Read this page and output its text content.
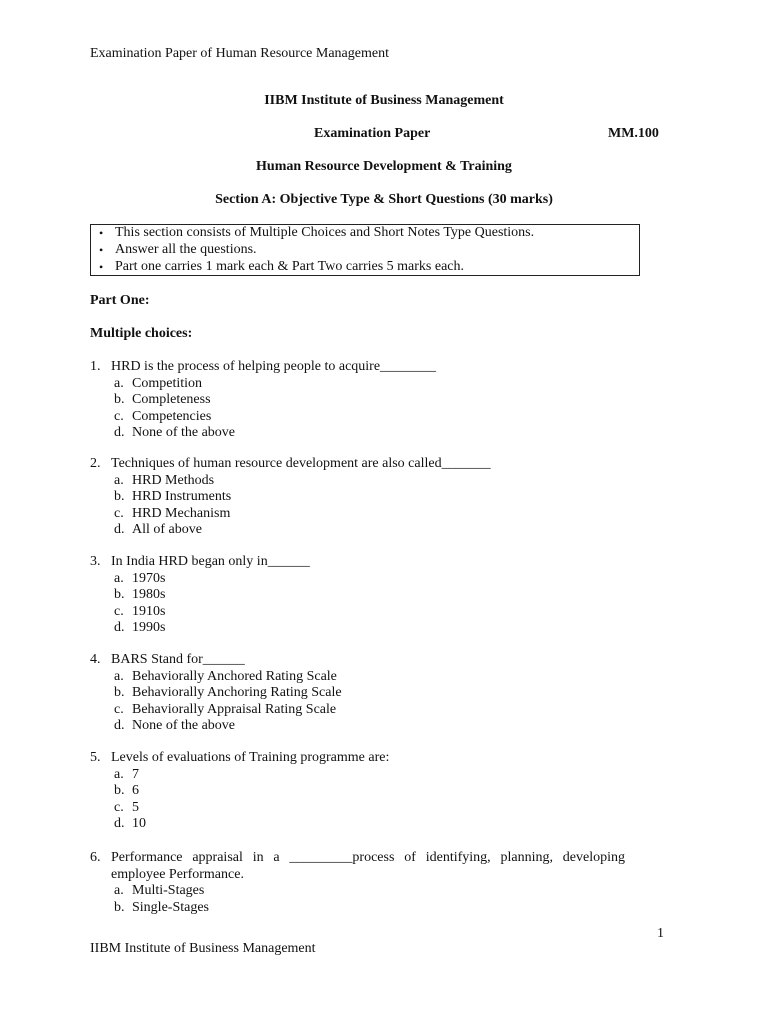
Examination Paper of Human Resource Management
IIBM Institute of Business Management
Examination Paper	MM.100
Human Resource Development & Training
Section A: Objective Type & Short Questions (30 marks)
• This section consists of Multiple Choices and Short Notes Type Questions.
• Answer all the questions.
• Part one carries 1 mark each & Part Two carries 5 marks each.
Part One:
Multiple choices:
1. HRD is the process of helping people to acquire________
a. Competition
b. Completeness
c. Competencies
d. None of the above
2. Techniques of human resource development are also called_______
a. HRD Methods
b. HRD Instruments
c. HRD Mechanism
d. All of above
3. In India HRD began only in______
a. 1970s
b. 1980s
c. 1910s
d. 1990s
4. BARS Stand for______
a. Behaviorally Anchored Rating Scale
b. Behaviorally Anchoring Rating Scale
c. Behaviorally Appraisal Rating Scale
d. None of the above
5. Levels of evaluations of Training programme are:
a. 7
b. 6
c. 5
d. 10
6. Performance appraisal in a _________process of identifying, planning, developing
employee Performance.
a. Multi-Stages
b. Single-Stages
1
IIBM Institute of Business Management
